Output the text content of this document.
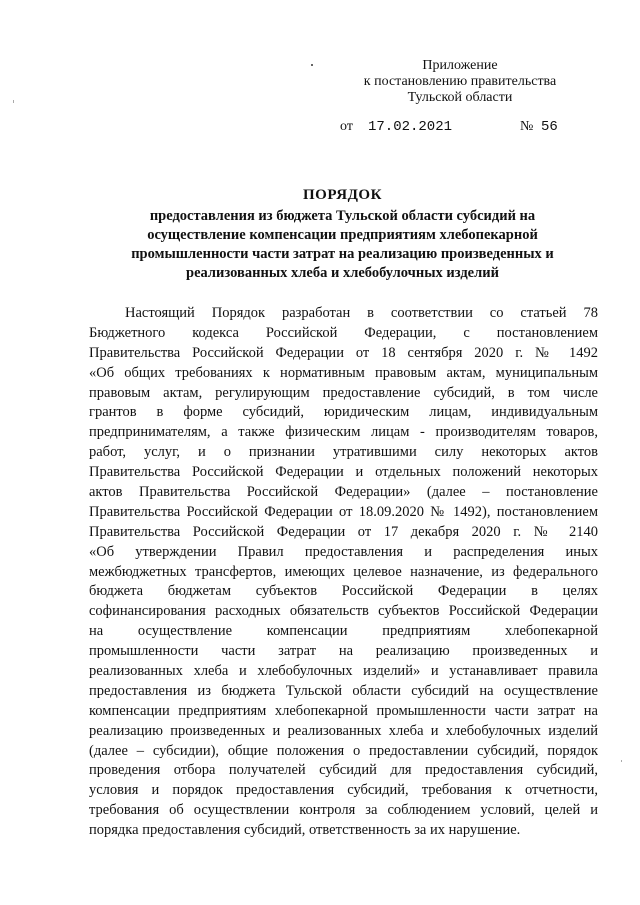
Приложение
к постановлению правительства
Тульской области
от 17.02.2021	№ 56
ПОРЯДОК
предоставления из бюджета Тульской области субсидий на
осуществление компенсации предприятиям хлебопекарной
промышленности части затрат на реализацию произведенных и
реализованных хлеба и хлебобулочных изделий
Настоящий Порядок разработан в соответствии со статьей 78
Бюджетного кодекса Российской Федерации, с постановлением
Правительства Российской Федерации от 18 сентября 2020 г. № 1492
«Об общих требованиях к нормативным правовым актам, муниципальным
правовым актам, регулирующим предоставление субсидий, в том числе
грантов в форме субсидий, юридическим лицам, индивидуальным
предпринимателям, а также физическим лицам - производителям товаров,
работ, услуг, и о признании утратившими силу некоторых актов
Правительства Российской Федерации и отдельных положений некоторых
актов Правительства Российской Федерации» (далее – постановление
Правительства Российской Федерации от 18.09.2020 № 1492), постановлением
Правительства Российской Федерации от 17 декабря 2020 г. № 2140
«Об утверждении Правил предоставления и распределения иных
межбюджетных трансфертов, имеющих целевое назначение, из федерального
бюджета бюджетам субъектов Российской Федерации в целях
софинансирования расходных обязательств субъектов Российской Федерации
на осуществление компенсации предприятиям хлебопекарной
промышленности части затрат на реализацию произведенных и
реализованных хлеба и хлебобулочных изделий» и устанавливает правила
предоставления из бюджета Тульской области субсидий на осуществление
компенсации предприятиям хлебопекарной промышленности части затрат на
реализацию произведенных и реализованных хлеба и хлебобулочных изделий
(далее – субсидии), общие положения о предоставлении субсидий, порядок
проведения отбора получателей субсидий для предоставления субсидий,
условия и порядок предоставления субсидий, требования к отчетности,
требования об осуществлении контроля за соблюдением условий, целей и
порядка предоставления субсидий, ответственность за их нарушение.
